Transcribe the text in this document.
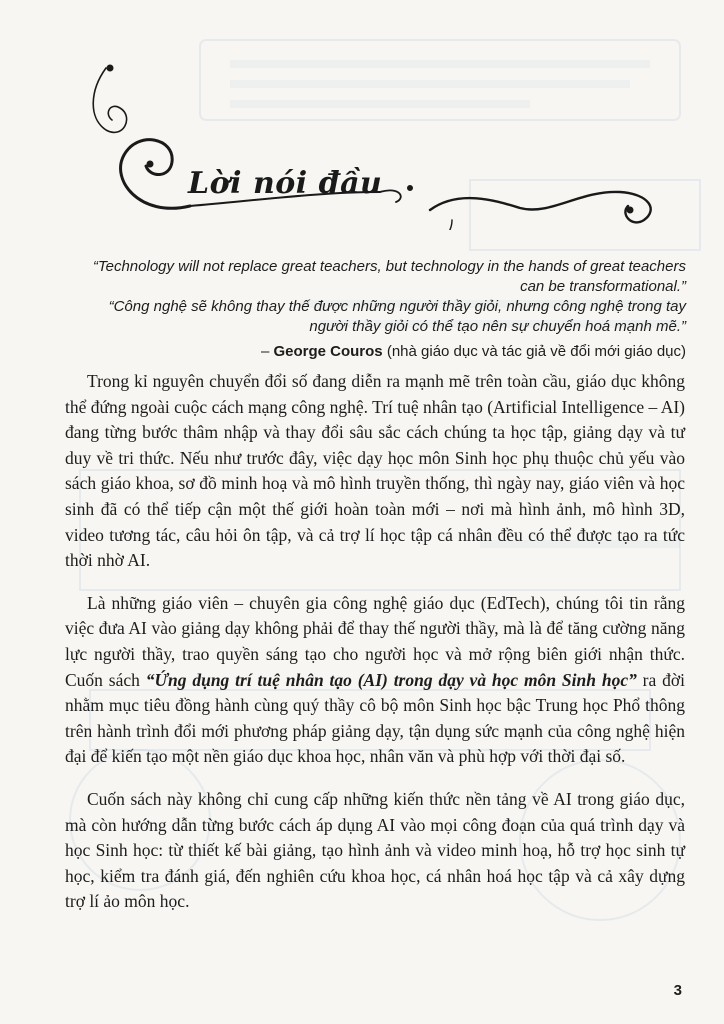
Lời nói đầu

“Technology will not replace great teachers, but technology in the hands of great teachers can be transformational.”

“Công nghệ sẽ không thay thế được những người thầy giỏi, nhưng công nghệ trong tay người thầy giỏi có thể tạo nên sự chuyển hoá mạnh mẽ.”

– George Couros (nhà giáo dục và tác giả về đổi mới giáo dục)

Trong kỉ nguyên chuyển đổi số đang diễn ra mạnh mẽ trên toàn cầu, giáo dục không thể đứng ngoài cuộc cách mạng công nghệ. Trí tuệ nhân tạo (Artificial Intelligence – AI) đang từng bước thâm nhập và thay đổi sâu sắc cách chúng ta học tập, giảng dạy và tư duy về tri thức. Nếu như trước đây, việc dạy học môn Sinh học phụ thuộc chủ yếu vào sách giáo khoa, sơ đồ minh hoạ và mô hình truyền thống, thì ngày nay, giáo viên và học sinh đã có thể tiếp cận một thế giới hoàn toàn mới – nơi mà hình ảnh, mô hình 3D, video tương tác, câu hỏi ôn tập, và cả trợ lí học tập cá nhân đều có thể được tạo ra tức thời nhờ AI.

Là những giáo viên – chuyên gia công nghệ giáo dục (EdTech), chúng tôi tin rằng việc đưa AI vào giảng dạy không phải để thay thế người thầy, mà là để tăng cường năng lực người thầy, trao quyền sáng tạo cho người học và mở rộng biên giới nhận thức. Cuốn sách “Ứng dụng trí tuệ nhân tạo (AI) trong dạy và học môn Sinh học” ra đời nhằm mục tiêu đồng hành cùng quý thầy cô bộ môn Sinh học bậc Trung học Phổ thông trên hành trình đổi mới phương pháp giảng dạy, tận dụng sức mạnh của công nghệ hiện đại để kiến tạo một nền giáo dục khoa học, nhân văn và phù hợp với thời đại số.

Cuốn sách này không chỉ cung cấp những kiến thức nền tảng về AI trong giáo dục, mà còn hướng dẫn từng bước cách áp dụng AI vào mọi công đoạn của quá trình dạy và học Sinh học: từ thiết kế bài giảng, tạo hình ảnh và video minh hoạ, hỗ trợ học sinh tự học, kiểm tra đánh giá, đến nghiên cứu khoa học, cá nhân hoá học tập và cả xây dựng trợ lí ảo môn học.

3
